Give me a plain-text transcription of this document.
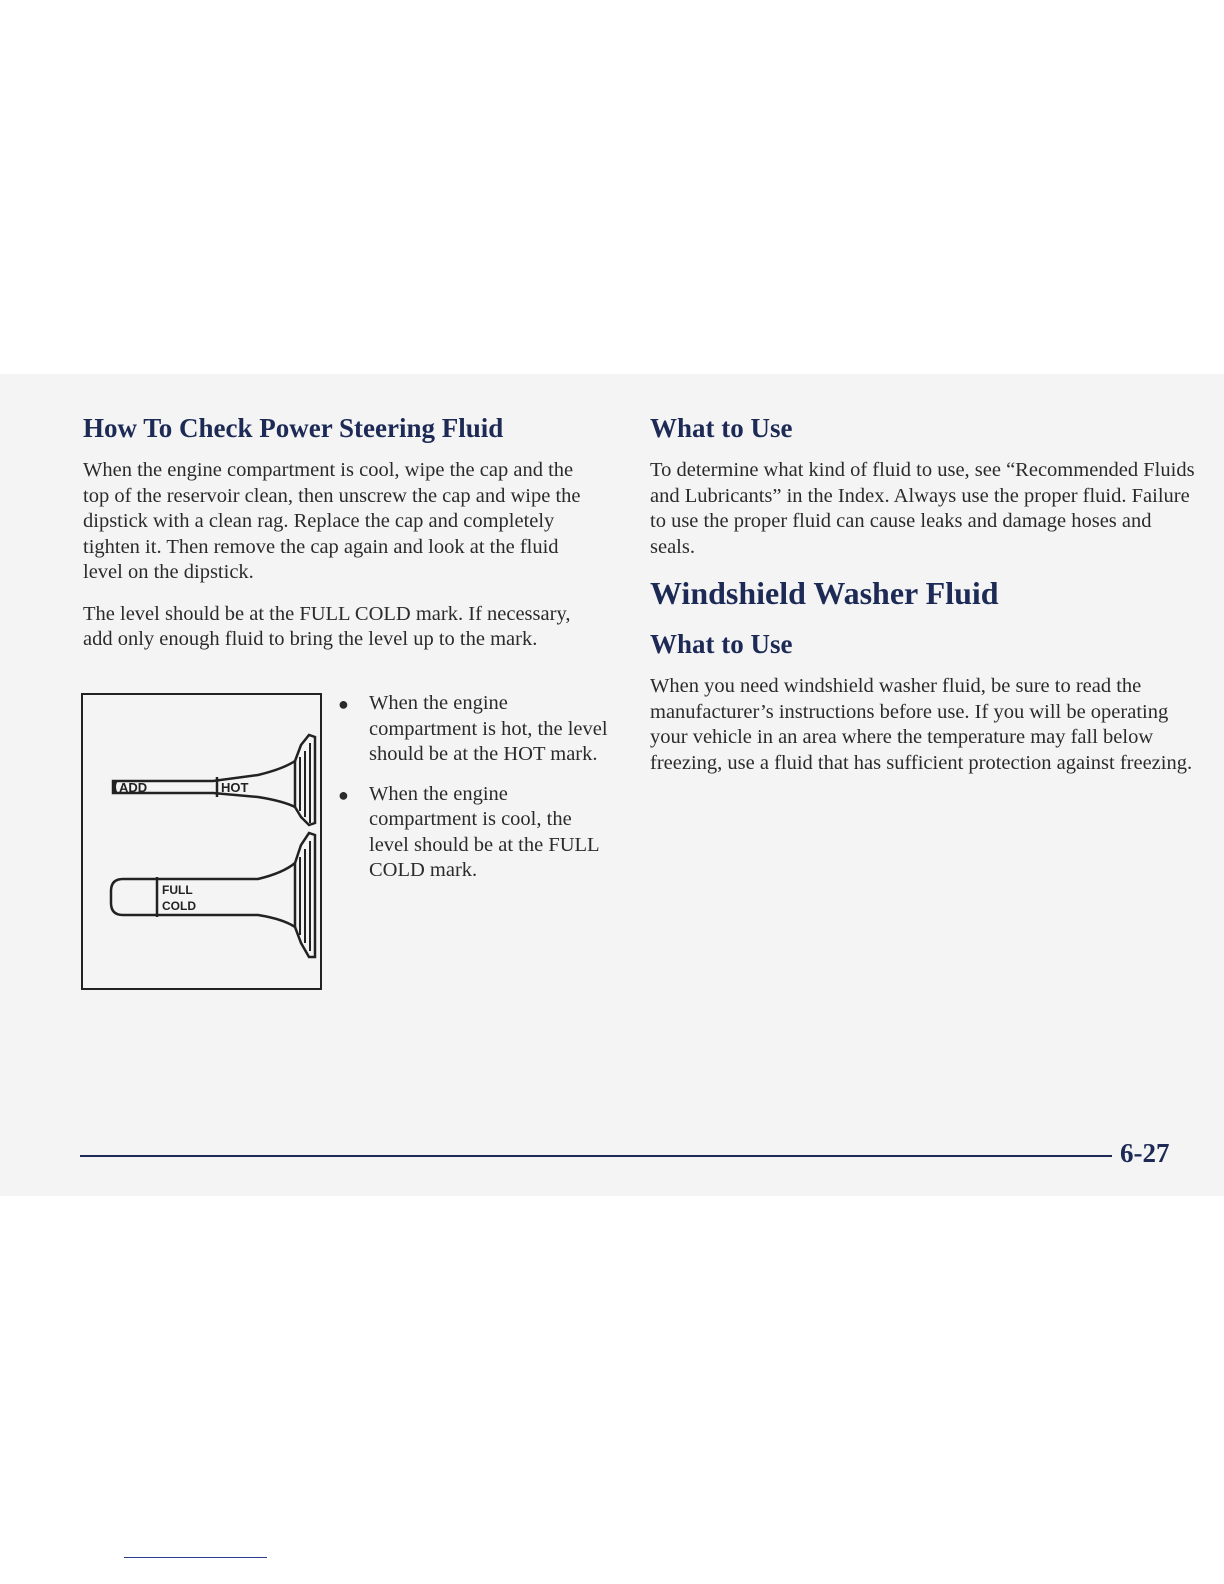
How To Check Power Steering Fluid

When the engine compartment is cool, wipe the cap and the top of the reservoir clean, then unscrew the cap and wipe the dipstick with a clean rag. Replace the cap and completely tighten it. Then remove the cap again and look at the fluid level on the dipstick.

The level should be at the FULL COLD mark. If necessary, add only enough fluid to bring the level up to the mark.

ADD	HOT
FULL
COLD
● When the engine compartment is hot, the level should be at the HOT mark.

● When the engine compartment is cool, the level should be at the FULL COLD mark.

What to Use

To determine what kind of fluid to use, see “Recommended Fluids and Lubricants” in the Index. Always use the proper fluid. Failure to use the proper fluid can cause leaks and damage hoses and seals.

Windshield Washer Fluid
What to Use

When you need windshield washer fluid, be sure to read the manufacturer’s instructions before use. If you will be operating your vehicle in an area where the temperature may fall below freezing, use a fluid that has sufficient protection against freezing.

6-27
